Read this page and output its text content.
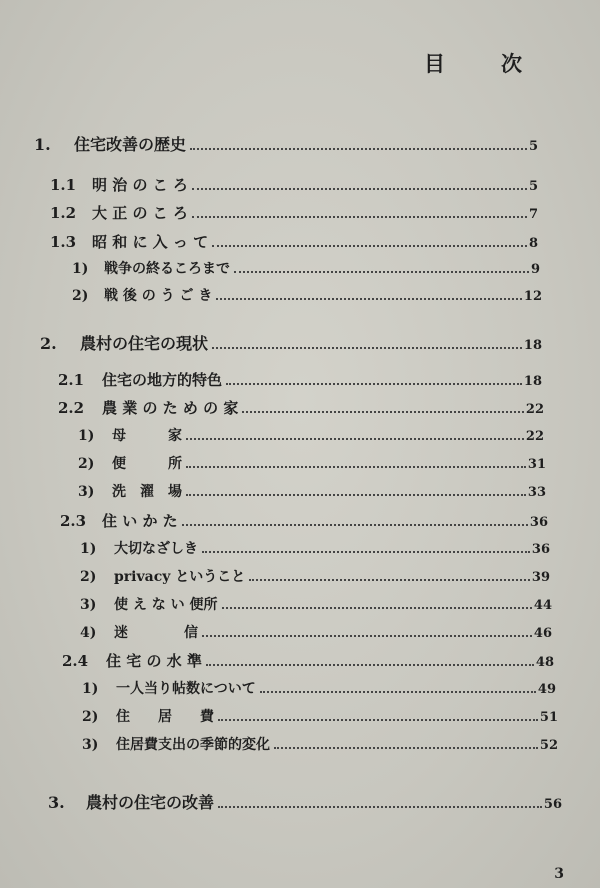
目	次
1.	住宅改善の歴史	5
1.1	明 治 の こ ろ	5
1.2	大 正 の こ ろ	7
1.3	昭 和 に 入 っ て	8
1)	戦争の終るころまで	9
2)	戦 後 の う ご き	12
2.	農村の住宅の現状	18
2.1	住宅の地方的特色	18
2.2	農 業 の た め の 家	22
1)	母　　　家	22
2)	便　　　所	31
3)	洗　濯　場	33
2.3	住 い か た	36
1)	大切なざしき	36
2)	privacy ということ	39
3)	使 え な い 便所	44
4)	迷　　　　信	46
2.4	住 宅 の 水 準	48
1)	一人当り帖数について	49
2)	住　　居　　費	51
3)	住居費支出の季節的変化	52
3.	農村の住宅の改善	56
3
